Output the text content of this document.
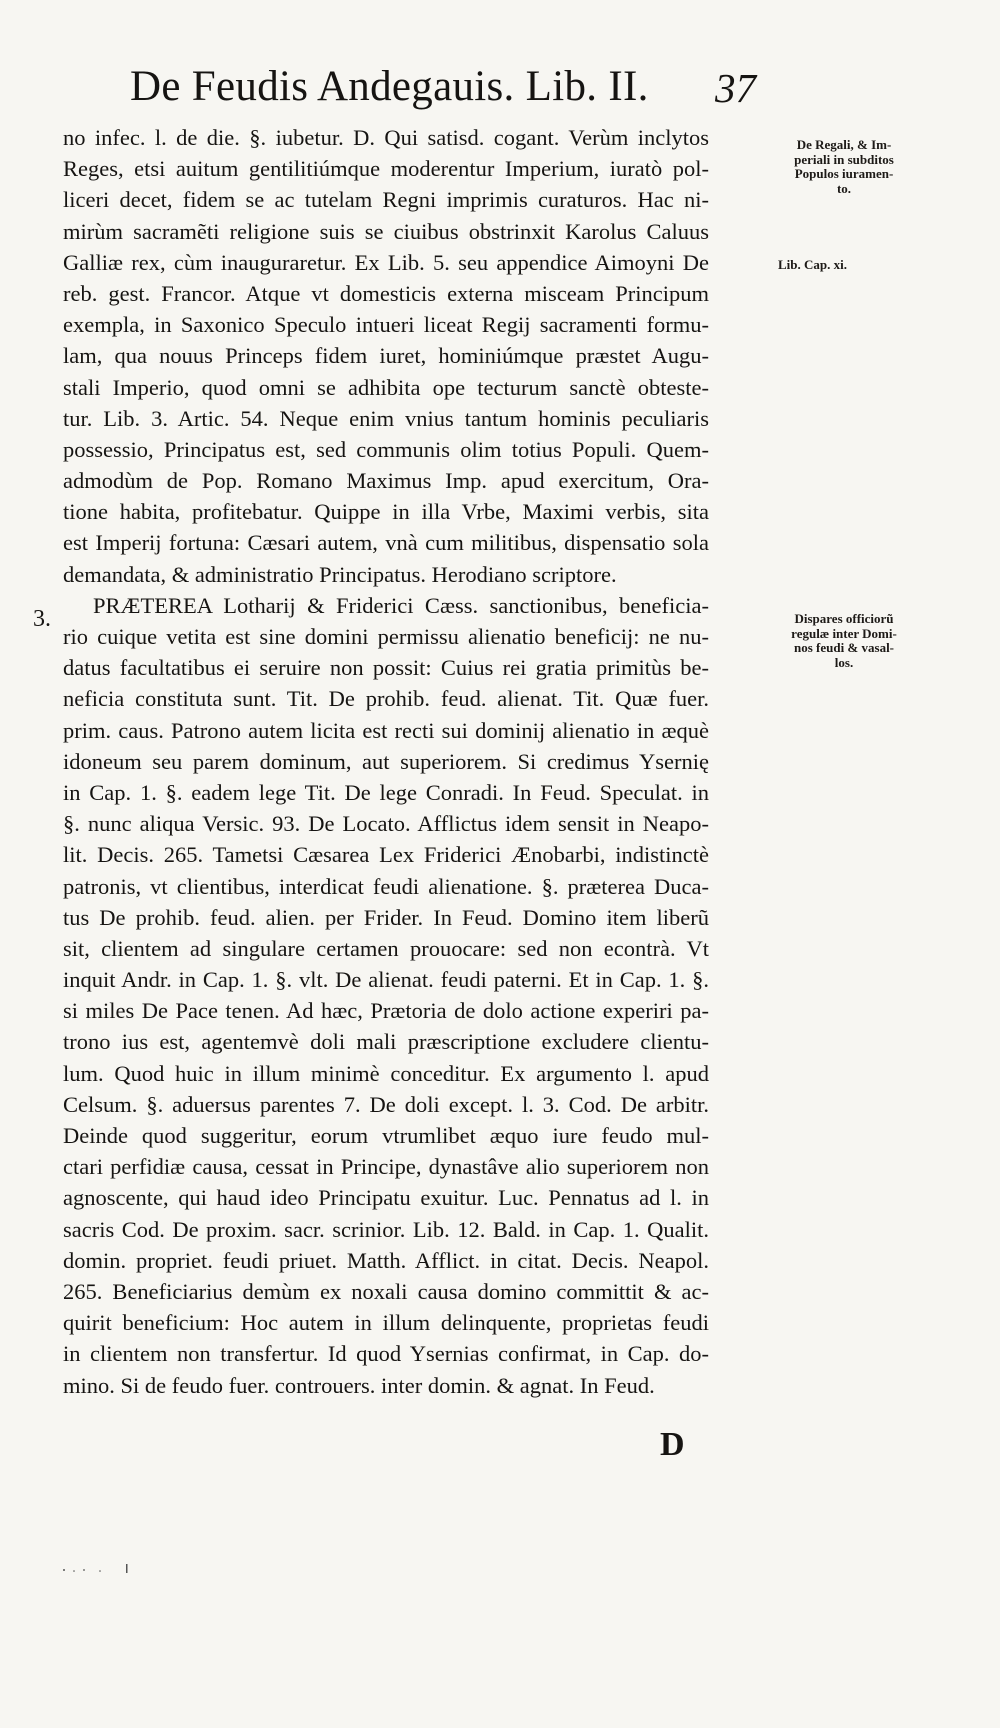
De Feudis Andegauis. Lib. II. 37
no infec. l. de die. §. iubetur. D. Qui satisd. cogant. Verùm inclytos
Reges, etsi auitum gentilitiúmque moderentur Imperium, iuratò pol-
liceri decet, fidem se ac tutelam Regni imprimis curaturos. Hac ni-
mirùm sacramẽti religione suis se ciuibus obstrinxit Karolus Caluus
Galliæ rex, cùm inauguraretur. Ex Lib. 5. seu appendice Aimoyni De
reb. gest. Francor. Atque vt domesticis externa misceam Principum
exempla, in Saxonico Speculo intueri liceat Regij sacramenti formu-
lam, qua nouus Princeps fidem iuret, hominiúmque præstet Augu-
stali Imperio, quod omni se adhibita ope tecturum sanctè obteste-
tur. Lib. 3. Artic. 54. Neque enim vnius tantum hominis peculiaris
possessio, Principatus est, sed communis olim totius Populi. Quem-
admodùm de Pop. Romano Maximus Imp. apud exercitum, Ora-
tione habita, profitebatur. Quippe in illa Vrbe, Maximi verbis, sita
est Imperij fortuna: Cæsari autem, vnà cum militibus, dispensatio sola
demandata, & administratio Principatus. Herodiano scriptore.
PRÆTEREA Lotharij & Friderici Cæss. sanctionibus, beneficia-
rio cuique vetita est sine domini permissu alienatio beneficij: ne nu-
datus facultatibus ei seruire non possit: Cuius rei gratia primitùs be-
neficia constituta sunt. Tit. De prohib. feud. alienat. Tit. Quæ fuer.
prim. caus. Patrono autem licita est recti sui dominij alienatio in æquè
idoneum seu parem dominum, aut superiorem. Si credimus Ysernię
in Cap. 1. §. eadem lege Tit. De lege Conradi. In Feud. Speculat. in
§. nunc aliqua Versic. 93. De Locato. Afflictus idem sensit in Neapo-
lit. Decis. 265. Tametsi Cæsarea Lex Friderici Ænobarbi, indistinctè
patronis, vt clientibus, interdicat feudi alienatione. §. præterea Duca-
tus De prohib. feud. alien. per Frider. In Feud. Domino item liberũ
sit, clientem ad singulare certamen prouocare: sed non econtrà. Vt
inquit Andr. in Cap. 1. §. vlt. De alienat. feudi paterni. Et in Cap. 1. §.
si miles De Pace tenen. Ad hæc, Prætoria de dolo actione experiri pa-
trono ius est, agentemvè doli mali præscriptione excludere clientu-
lum. Quod huic in illum minimè conceditur. Ex argumento l. apud
Celsum. §. aduersus parentes 7. De doli except. l. 3. Cod. De arbitr.
Deinde quod suggeritur, eorum vtrumlibet æquo iure feudo mul-
ctari perfidiæ causa, cessat in Principe, dynastâve alio superiorem non
agnoscente, qui haud ideo Principatu exuitur. Luc. Pennatus ad l. in
sacris Cod. De proxim. sacr. scrinior. Lib. 12. Bald. in Cap. 1. Qualit.
domin. propriet. feudi priuet. Matth. Afflict. in citat. Decis. Neapol.
265. Beneficiarius demùm ex noxali causa domino committit & ac-
quirit beneficium: Hoc autem in illum delinquente, proprietas feudi
in clientem non transfertur. Id quod Ysernias confirmat, in Cap. do-
mino. Si de feudo fuer. controuers. inter domin. & agnat. In Feud.
3.
De Regali, & Im-
periali in subditos
Populos iuramen-
to.
Lib. Cap. xi.
Dispares officiorũ
regulæ inter Domi-
nos feudi & vasal-
los.
D
